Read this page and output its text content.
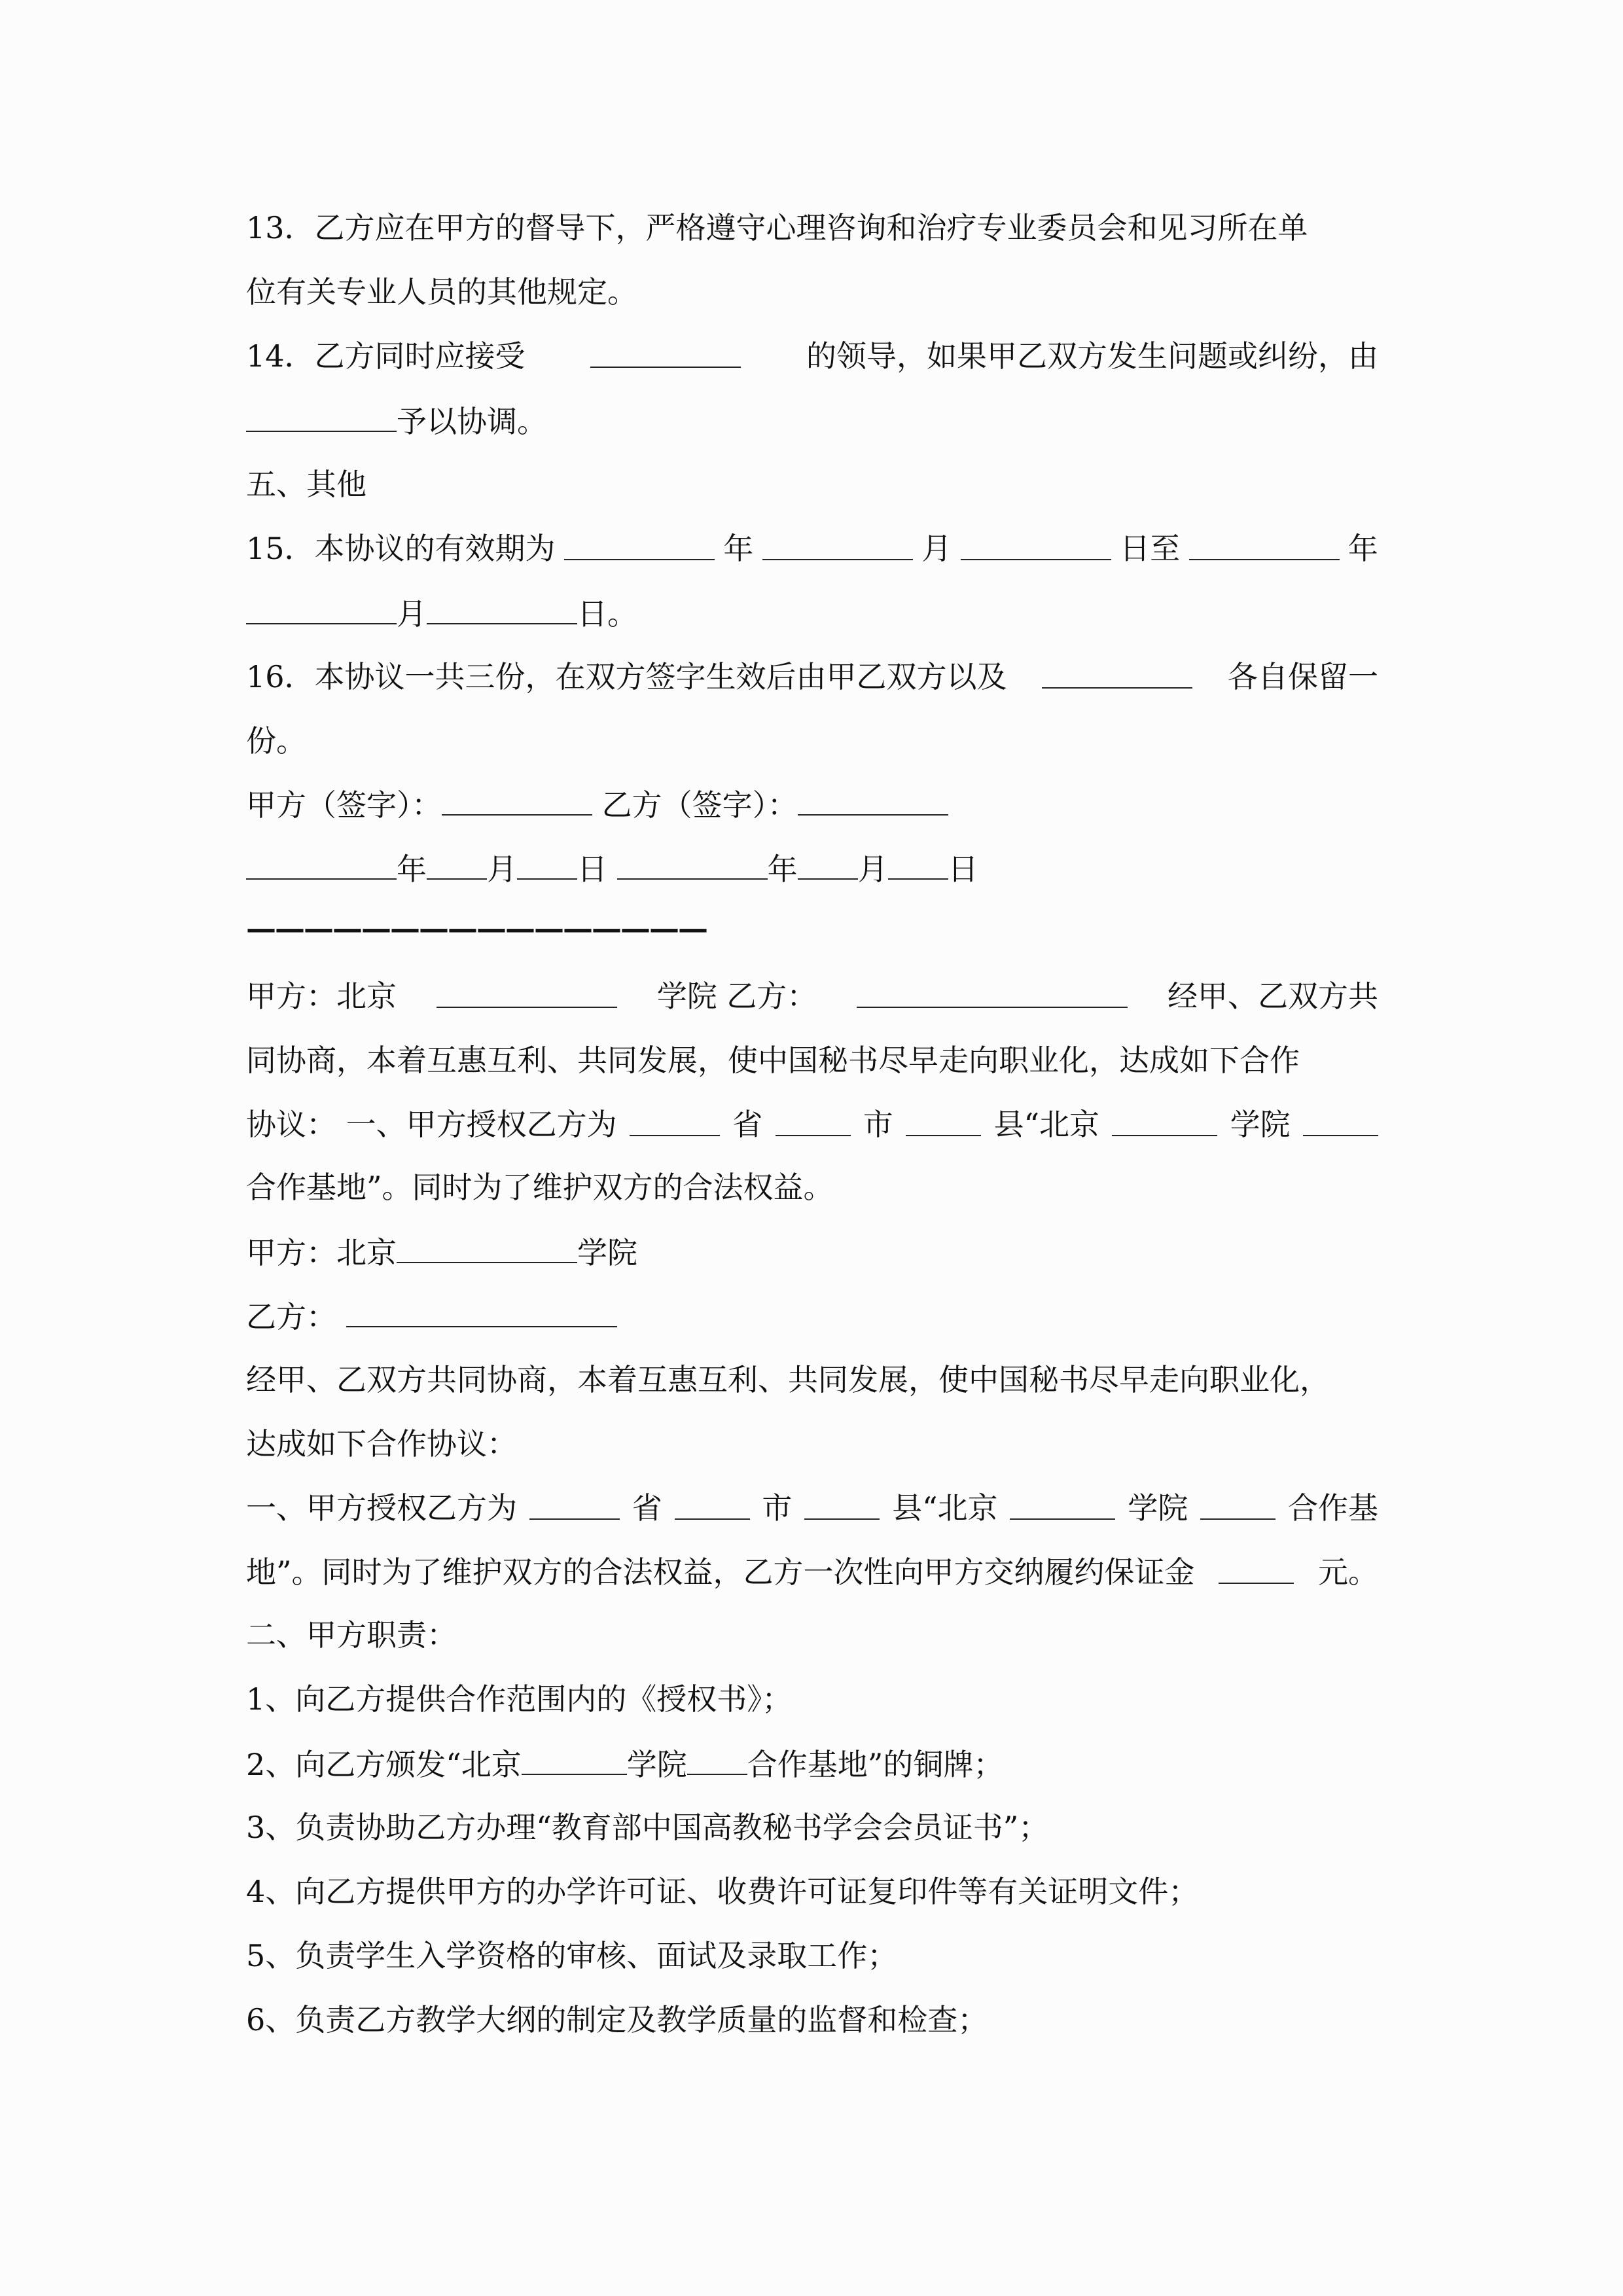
13．乙方应在甲方的督导下，严格遵守心理咨询和治疗专业委员会和见习所在单
位有关专业人员的其他规定。
14．乙方同时应接受	的领导，如果甲乙双方发生问题或纠纷，由
予以协调。
五、其他
15．本协议的有效期为	年	月	日至	年
月	日。
16．本协议一共三份，在双方签字生效后由甲乙双方以及	各自保留一
份。
甲方（签字）：	乙方（签字）：
年 月 日	年 月 日
————————————————
甲方：北京	学院 乙方：	经甲、乙双方共
同协商，本着互惠互利、共同发展，使中国秘书尽早走向职业化，达成如下合作
协议： 一、甲方授权乙方为	省	市	县“北京	学院
合作基地”。同时为了维护双方的合法权益。
甲方：北京	学院
乙方：
经甲、乙双方共同协商，本着互惠互利、共同发展，使中国秘书尽早走向职业化，
达成如下合作协议：
一、甲方授权乙方为	省	市	县“北京	学院	合作基
地”。同时为了维护双方的合法权益，乙方一次性向甲方交纳履约保证金	元。
二、甲方职责：
1、向乙方提供合作范围内的《授权书》；
2、向乙方颁发“北京	学院 合作基地”的铜牌；
3、负责协助乙方办理“教育部中国高教秘书学会会员证书”；
4、向乙方提供甲方的办学许可证、收费许可证复印件等有关证明文件；
5、负责学生入学资格的审核、面试及录取工作；
6、负责乙方教学大纲的制定及教学质量的监督和检查；
